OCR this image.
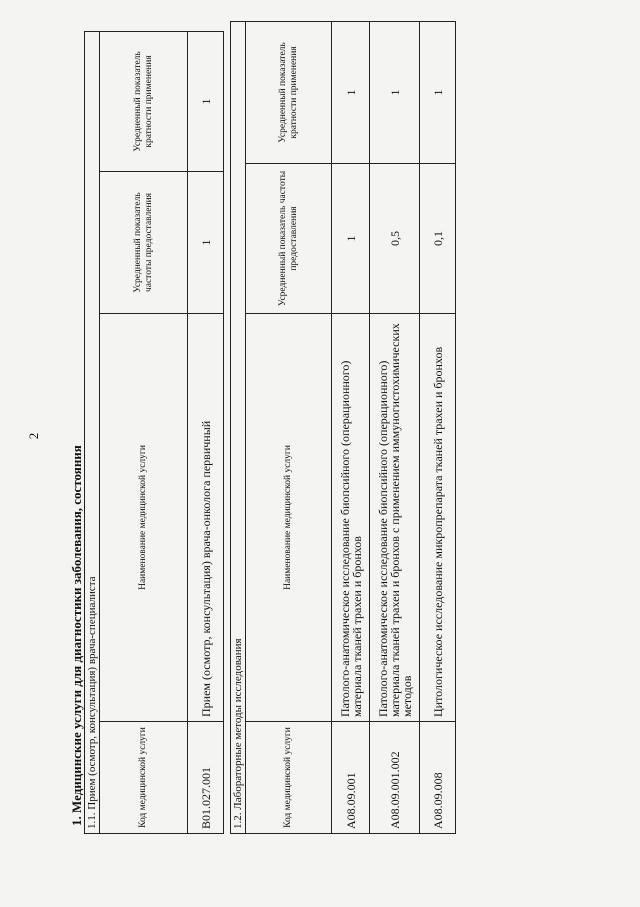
2
1. Медицинские услуги для диагностики заболевания, состояния 1.1. Прием (осмотр, консультация) врача-специалиста			
Код медицинской услуги	Наименование медицинской услуги	Усредненный показатель частоты предоставления	Усредненный показатель кратности применения
B01.027.001	Прием (осмотр, консультация) врача-онколога первичный	1	1
1.2. Лабораторные методы исследования			
Код медицинской услуги	Наименование медицинской услуги	Усредненный показатель частоты предоставления	Усредненный показатель кратности применения
A08.09.001	Патолого-анатомическое исследование биопсийного (операционного) материала тканей трахеи и бронхов	1	1
A08.09.001.002	Патолого-анатомическое исследование биопсийного (операционного) материала тканей трахеи и бронхов с применением иммуногистохимических методов	0,5	1
A08.09.008	Цитологическое исследование микропрепарата тканей трахеи и бронхов	0,1	1
